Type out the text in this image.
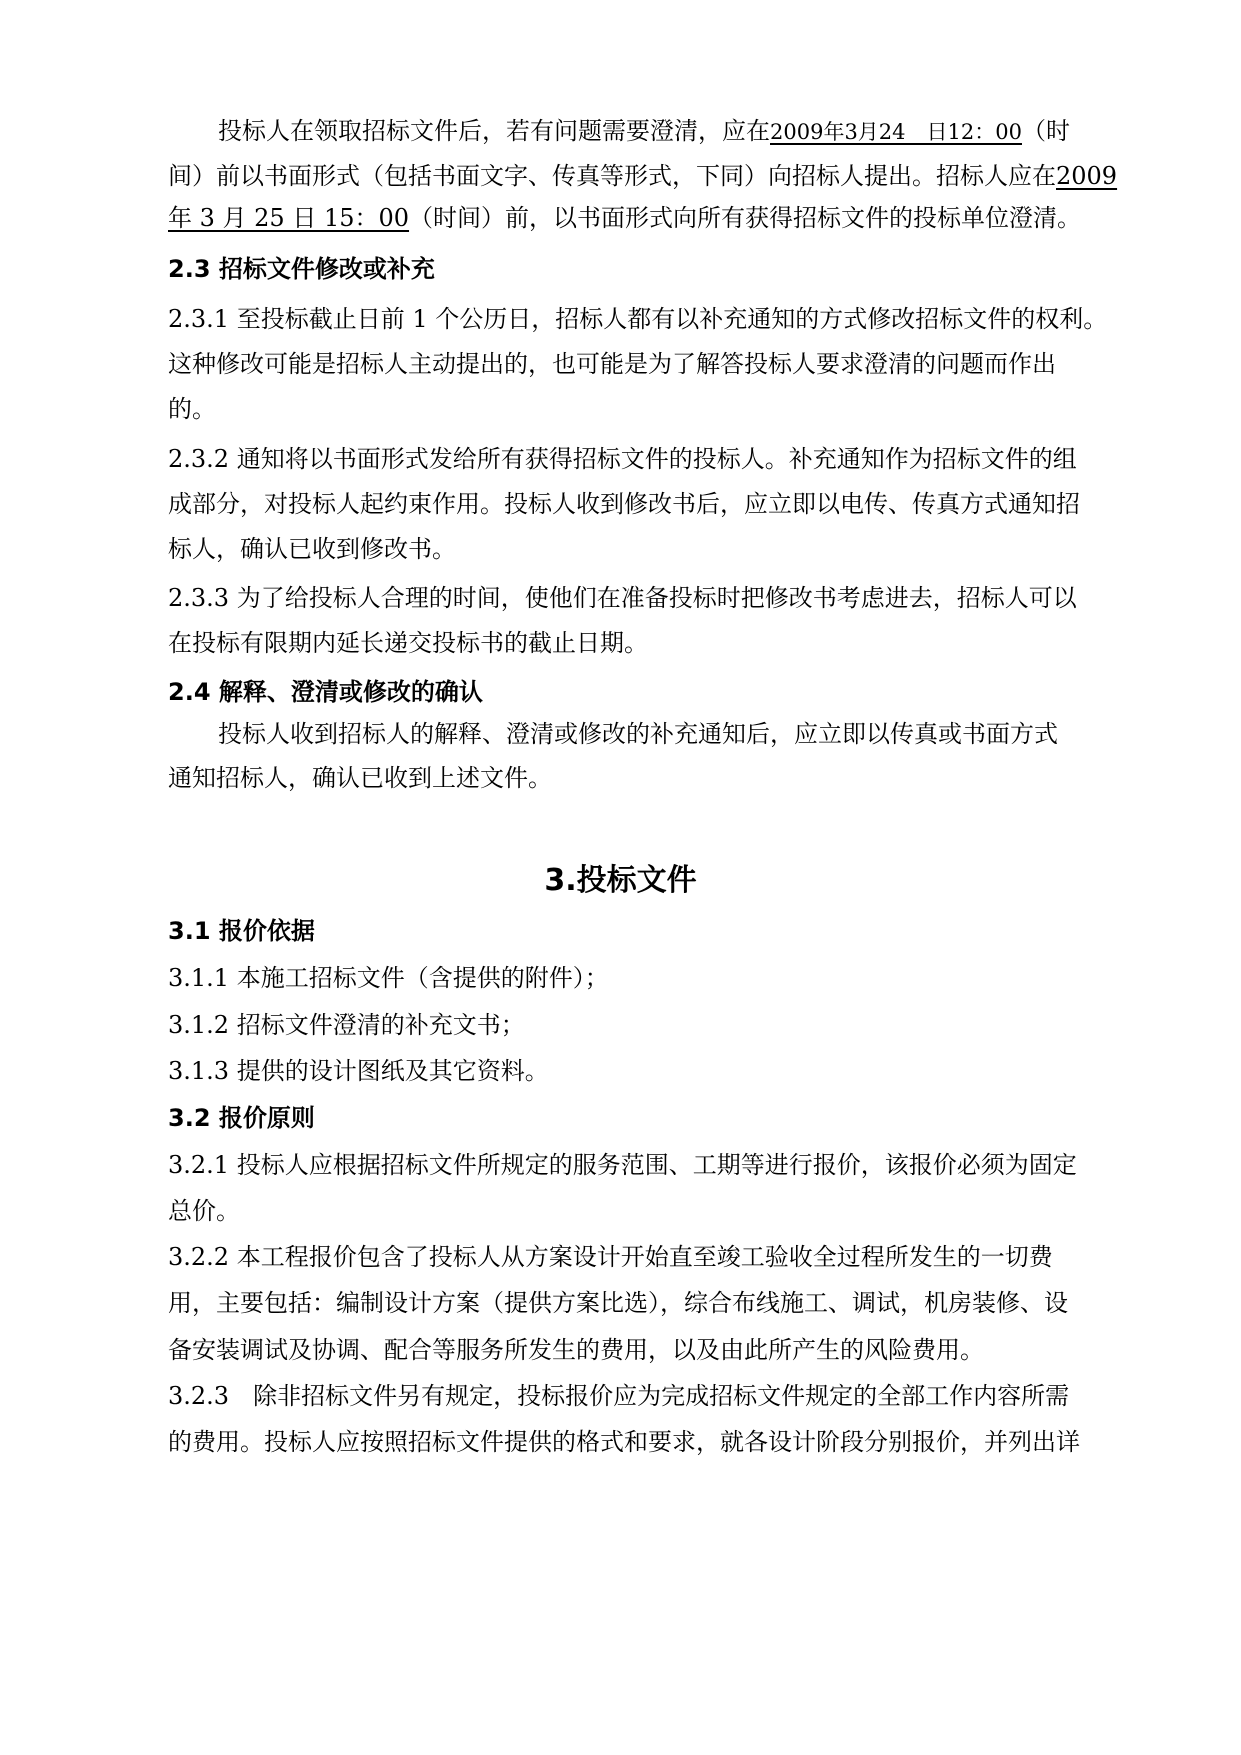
投标人在领取招标文件后，若有问题需要澄清，应在2009年3月24　日12：00（时
间）前以书面形式（包括书面文字、传真等形式，下同）向招标人提出。招标人应在2009
年 3 月 25 日 15：00（时间）前，以书面形式向所有获得招标文件的投标单位澄清。
2.3 招标文件修改或补充
2.3.1 至投标截止日前 1 个公历日，招标人都有以补充通知的方式修改招标文件的权利。
这种修改可能是招标人主动提出的，也可能是为了解答投标人要求澄清的问题而作出
的。
2.3.2 通知将以书面形式发给所有获得招标文件的投标人。补充通知作为招标文件的组
成部分，对投标人起约束作用。投标人收到修改书后，应立即以电传、传真方式通知招
标人，确认已收到修改书。
2.3.3 为了给投标人合理的时间，使他们在准备投标时把修改书考虑进去，招标人可以
在投标有限期内延长递交投标书的截止日期。
2.4 解释、澄清或修改的确认
投标人收到招标人的解释、澄清或修改的补充通知后，应立即以传真或书面方式
通知招标人，确认已收到上述文件。
3.投标文件
3.1 报价依据
3.1.1 本施工招标文件（含提供的附件）；
3.1.2 招标文件澄清的补充文书；
3.1.3 提供的设计图纸及其它资料。
3.2 报价原则
3.2.1 投标人应根据招标文件所规定的服务范围、工期等进行报价，该报价必须为固定
总价。
3.2.2 本工程报价包含了投标人从方案设计开始直至竣工验收全过程所发生的一切费
用，主要包括：编制设计方案（提供方案比选），综合布线施工、调试，机房装修、设
备安装调试及协调、配合等服务所发生的费用，以及由此所产生的风险费用。
3.2.3　除非招标文件另有规定，投标报价应为完成招标文件规定的全部工作内容所需
的费用。投标人应按照招标文件提供的格式和要求，就各设计阶段分别报价，并列出详
